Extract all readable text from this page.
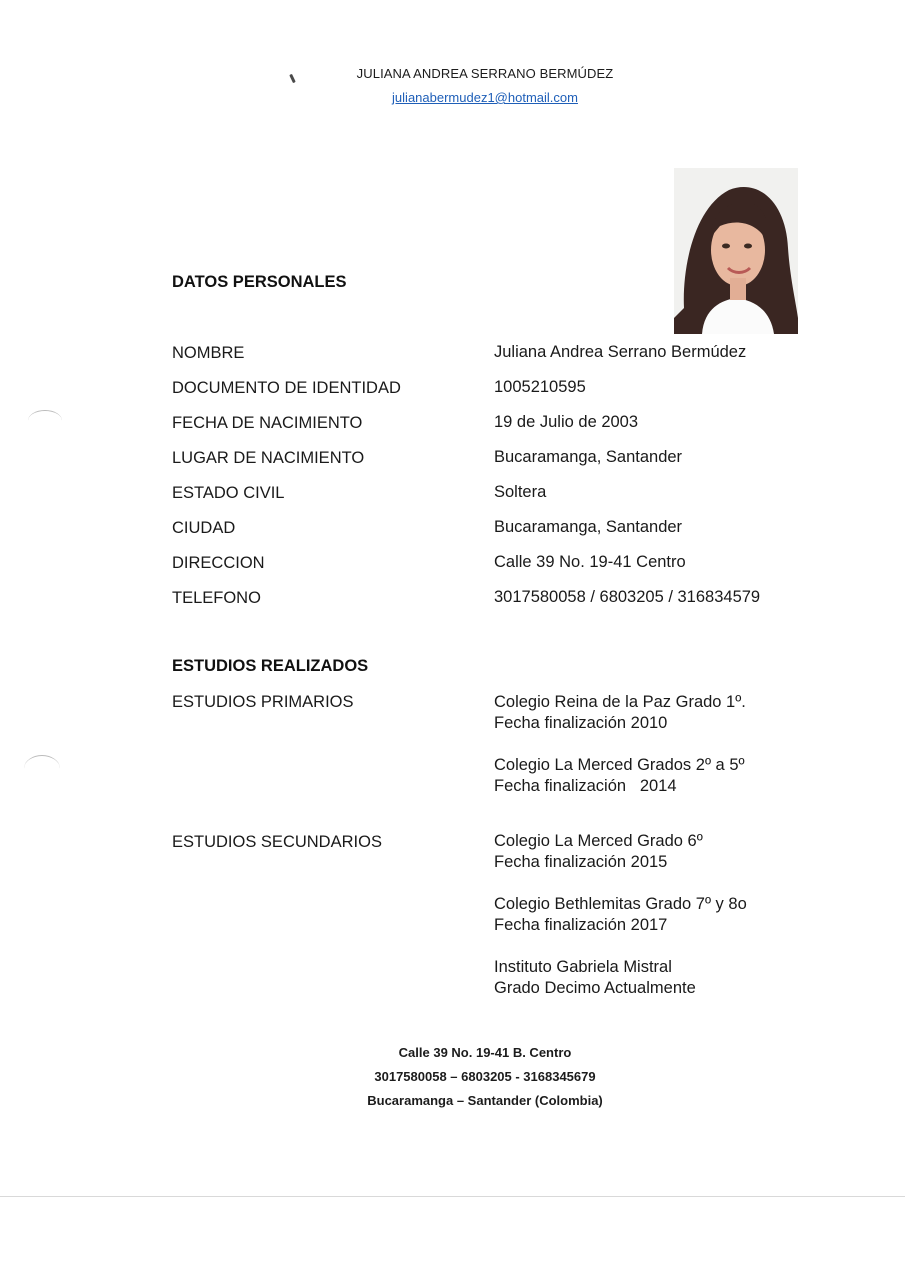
JULIANA ANDREA SERRANO BERMÚDEZ
julianabermudez1@hotmail.com
DATOS PERSONALES
NOMBRE	Juliana Andrea Serrano Bermúdez
DOCUMENTO DE IDENTIDAD	1005210595
FECHA DE NACIMIENTO	19 de Julio de 2003
LUGAR DE NACIMIENTO	Bucaramanga, Santander
ESTADO CIVIL	Soltera
CIUDAD	Bucaramanga, Santander
DIRECCION	Calle 39 No. 19-41 Centro
TELEFONO	3017580058 / 6803205 / 316834579
ESTUDIOS REALIZADOS
ESTUDIOS PRIMARIOS	Colegio Reina de la Paz Grado 1º.
Fecha finalización 2010
Colegio La Merced Grados 2º a 5º
Fecha finalización   2014
ESTUDIOS SECUNDARIOS	Colegio La Merced Grado 6º
Fecha finalización 2015
Colegio Bethlemitas Grado 7º y 8o
Fecha finalización 2017
Instituto Gabriela Mistral
Grado Decimo Actualmente
Calle 39 No. 19-41 B. Centro
3017580058 – 6803205 - 3168345679
Bucaramanga – Santander (Colombia)
